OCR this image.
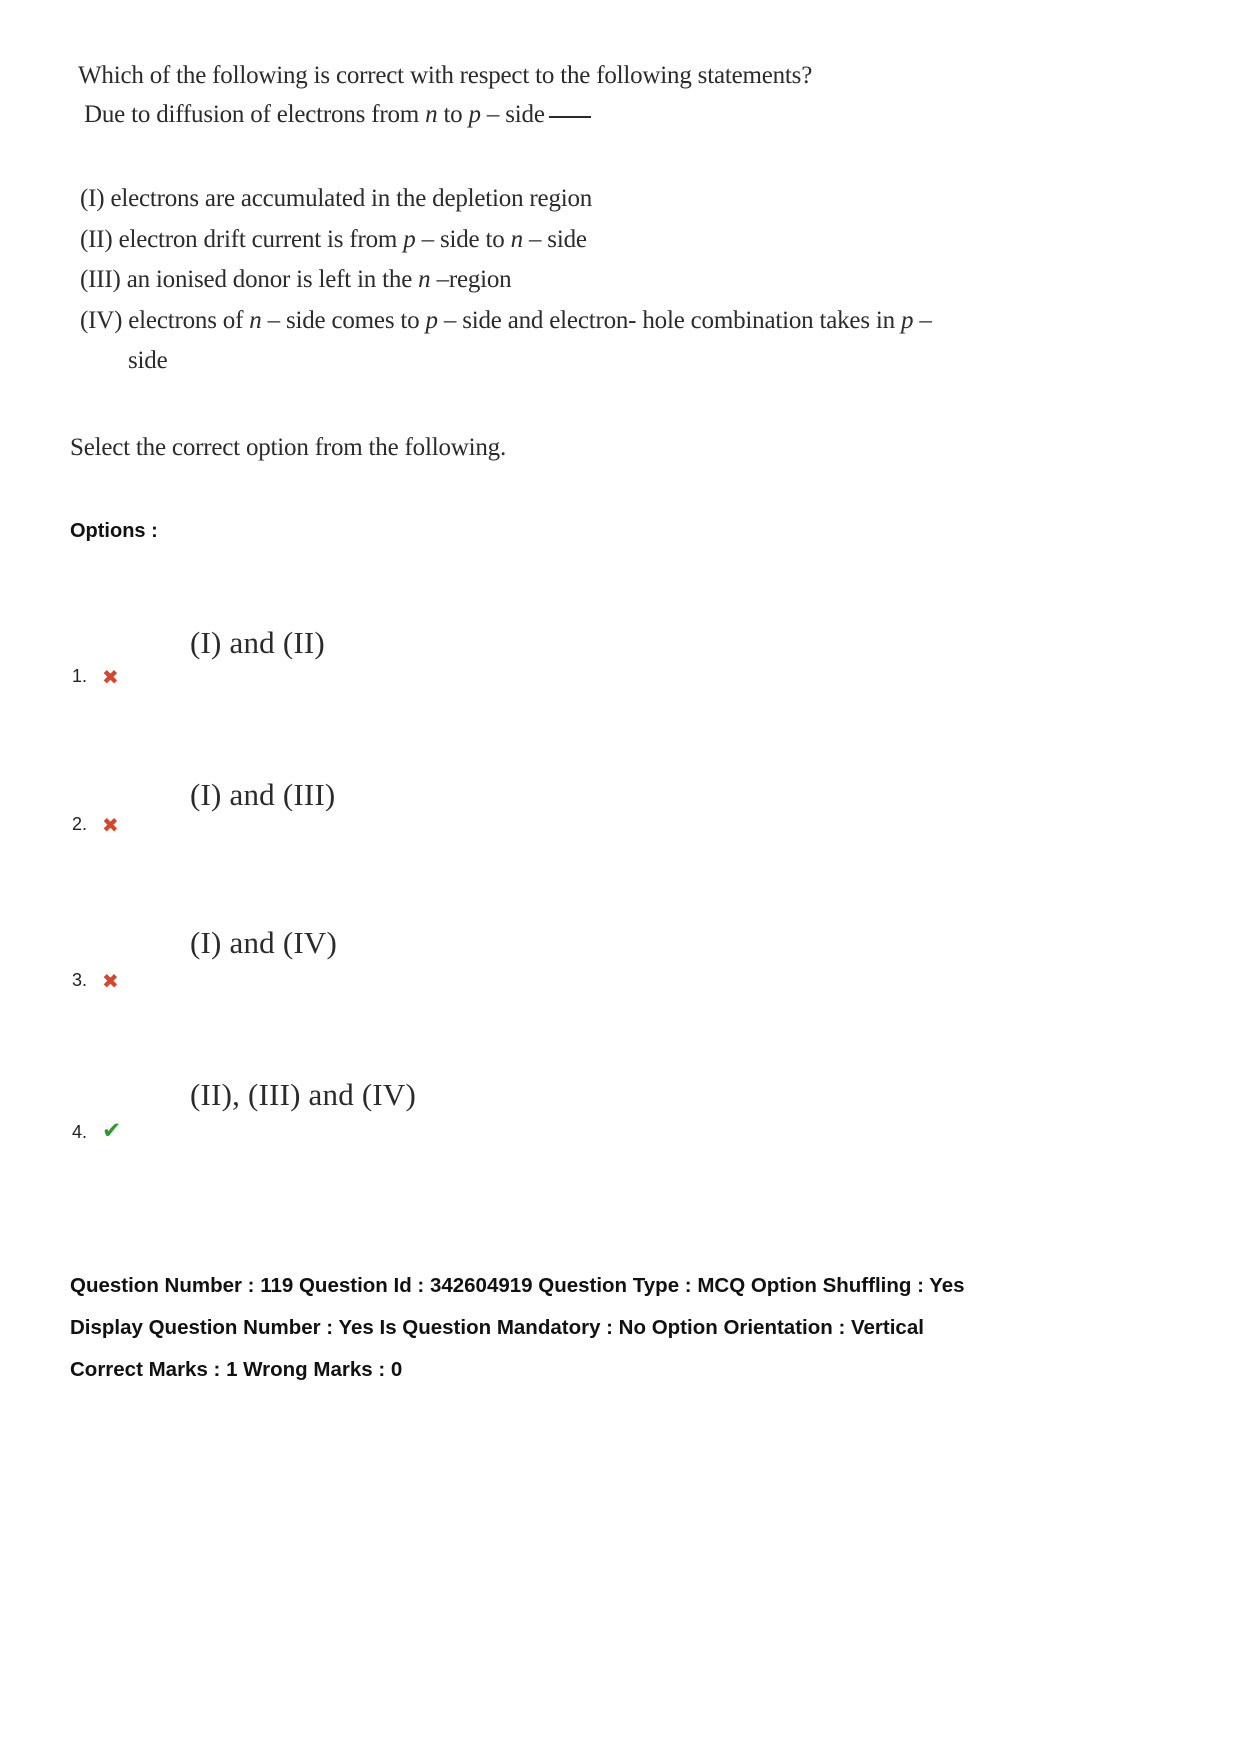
Which of the following is correct with respect to the following statements?
Due to diffusion of electrons from n to p – side
(I) electrons are accumulated in the depletion region
(II) electron drift current is from p – side to n – side
(III) an ionised donor is left in the n –region
(IV) electrons of n – side comes to p – side and electron- hole combination takes in p –
side
Select the correct option from the following.
Options :
1. ✖
(I) and (II)
2. ✖
(I) and (III)
3. ✖
(I) and (IV)
4. ✔
(II), (III) and (IV)
Question Number : 119 Question Id : 342604919 Question Type : MCQ Option Shuffling : Yes
Display Question Number : Yes Is Question Mandatory : No Option Orientation : Vertical
Correct Marks : 1 Wrong Marks : 0
